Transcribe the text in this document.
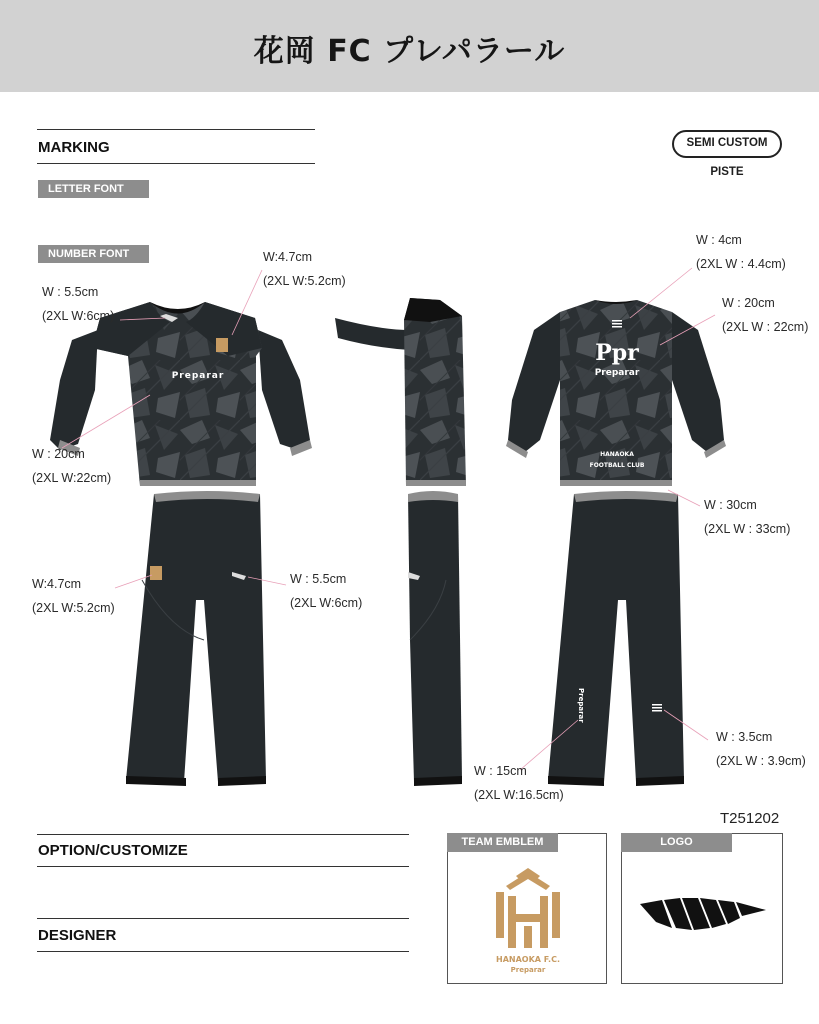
花岡 FC プレパラール
MARKING
LETTER FONT
NUMBER FONT
SEMI CUSTOM
PISTE
Preparar
Ppr
Preparar
HANAOKA
FOOTBALL CLUB
Preparar
W : 5.5cm
(2XL W:6cm)
W:4.7cm
(2XL W:5.2cm)
W : 20cm
(2XL W:22cm)
W : 4cm
(2XL W : 4.4cm)
W : 20cm
(2XL W : 22cm)
W : 30cm
(2XL W : 33cm)
W:4.7cm
(2XL W:5.2cm)
W : 5.5cm
(2XL W:6cm)
W : 15cm
(2XL W:16.5cm)
W : 3.5cm
(2XL W : 3.9cm)
T251202
OPTION/CUSTOMIZE
DESIGNER
TEAM EMBLEM
HANAOKA F.C.
Preparar
LOGO
